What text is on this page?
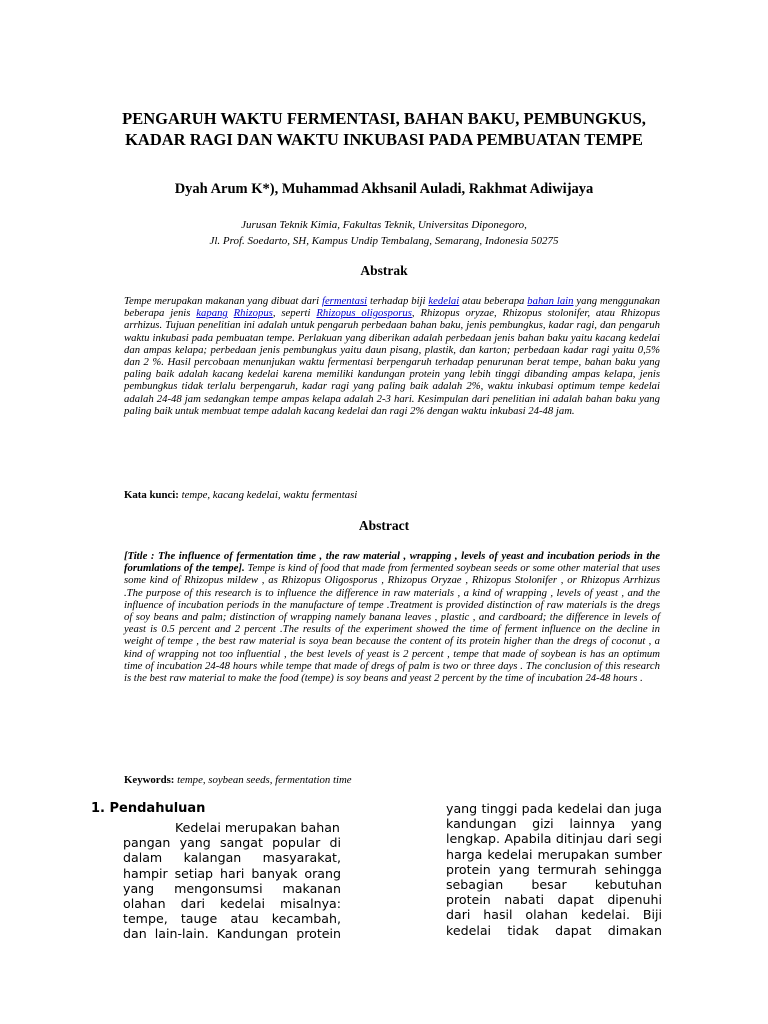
PENGARUH WAKTU FERMENTASI, BAHAN BAKU, PEMBUNGKUS,
KADAR RAGI DAN WAKTU INKUBASI PADA PEMBUATAN TEMPE
Dyah Arum K*), Muhammad Akhsanil Auladi, Rakhmat Adiwijaya
Jurusan Teknik Kimia, Fakultas Teknik, Universitas Diponegoro,
Jl. Prof. Soedarto, SH, Kampus Undip Tembalang, Semarang, Indonesia 50275
Abstrak
Tempe merupakan makanan yang dibuat dari fermentasi terhadap biji kedelai atau beberapa bahan lain yang menggunakan beberapa jenis kapang Rhizopus, seperti Rhizopus oligosporus, Rhizopus oryzae, Rhizopus stolonifer, atau Rhizopus arrhizus. Tujuan penelitian ini adalah untuk pengaruh perbedaan bahan baku, jenis pembungkus, kadar ragi, dan pengaruh waktu inkubasi pada pembuatan tempe. Perlakuan yang diberikan adalah perbedaan jenis bahan baku yaitu kacang kedelai dan ampas kelapa; perbedaan jenis pembungkus yaitu daun pisang, plastik, dan karton; perbedaan kadar ragi yaitu 0,5% dan 2 %. Hasil percobaan menunjukan waktu fermentasi berpengaruh terhadap penurunan berat tempe, bahan baku yang paling baik adalah kacang kedelai karena memiliki kandungan protein yang lebih tinggi dibanding ampas kelapa, jenis pembungkus tidak terlalu berpengaruh, kadar ragi yang paling baik adalah 2%, waktu inkubasi optimum tempe kedelai adalah 24-48 jam sedangkan tempe ampas kelapa adalah 2-3 hari. Kesimpulan dari penelitian ini adalah bahan baku yang paling baik untuk membuat tempe adalah kacang kedelai dan ragi 2% dengan waktu inkubasi 24-48 jam.
Kata kunci: tempe, kacang kedelai, waktu fermentasi
Abstract
[Title : The influence of fermentation time , the raw material , wrapping , levels of yeast and incubation periods in the forumlations of the tempe]. Tempe is kind of food that made from fermented soybean seeds or some other material that uses some kind of Rhizopus mildew , as Rhizopus Oligosporus , Rhizopus Oryzae , Rhizopus Stolonifer , or Rhizopus Arrhizus .The purpose of this research is to influence the difference in raw materials , a kind of wrapping , levels of yeast , and the influence of incubation periods in the manufacture of tempe .Treatment is provided distinction of raw materials is the dregs of soy beans and palm; distinction of wrapping namely banana leaves , plastic , and cardboard; the difference in levels of yeast is 0.5 percent and 2 percent .The results of the experiment showed the time of ferment influence on the decline in weight of tempe , the best raw material is soya bean because the content of its protein higher than the dregs of coconut , a kind of wrapping not too influential , the best levels of yeast is 2 percent , tempe that made of soybean is has an optimum time of incubation 24-48 hours while tempe that made of dregs of palm is two or three days . The conclusion of this research is the best raw material to make the food (tempe) is soy beans and yeast 2 percent by the time of incubation 24-48 hours .
Keywords: tempe, soybean seeds, fermentation time
1. Pendahuluan
Kedelai merupakan bahan
pangan yang sangat popular di
dalam kalangan masyarakat,
hampir setiap hari banyak orang
yang mengonsumsi makanan
olahan dari kedelai misalnya:
tempe, tauge atau kecambah,
dan lain-lain. Kandungan protein
yang tinggi pada kedelai dan juga
kandungan gizi lainnya yang
lengkap. Apabila ditinjau dari segi
harga kedelai merupakan sumber
protein yang termurah sehingga
sebagian besar kebutuhan
protein nabati dapat dipenuhi
dari hasil olahan kedelai. Biji
kedelai tidak dapat dimakan
